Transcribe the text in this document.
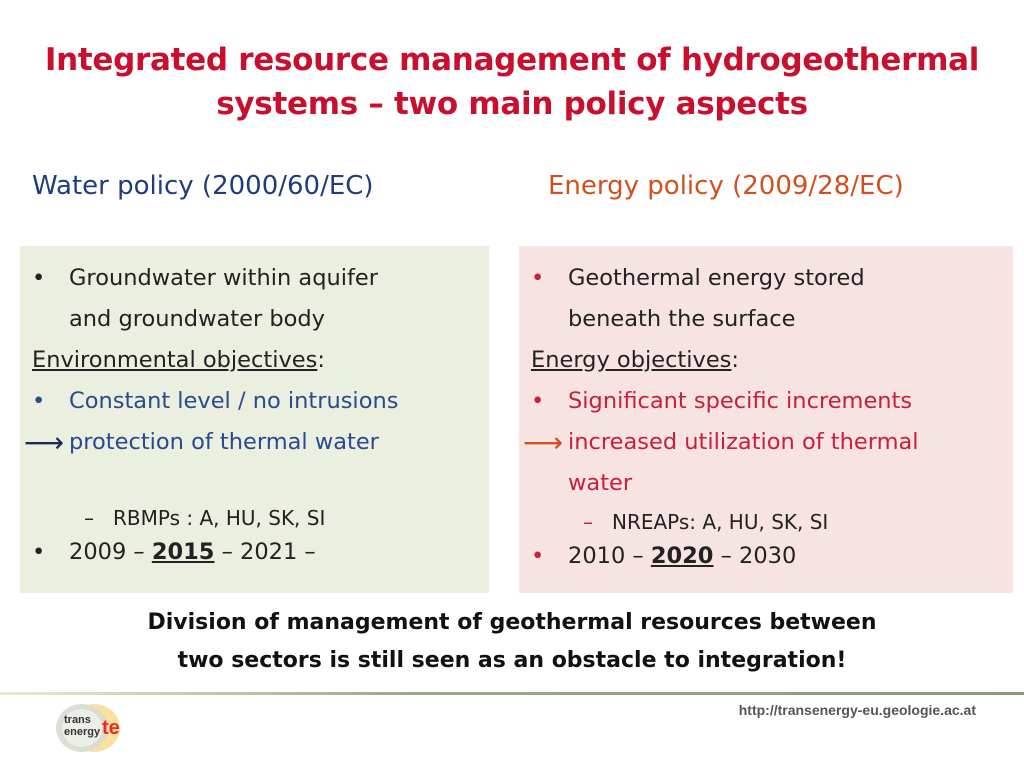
Integrated resource management of hydrogeothermal
systems – two main policy aspects
Water policy (2000/60/EC)	Energy policy (2009/28/EC)
• Groundwater within aquifer
and groundwater body
Environmental objectives:
• Constant level / no intrusions
⟶ protection of thermal water
– RBMPs : A, HU, SK, SI
• 2009 – 2015 – 2021 –
• Geothermal energy stored
beneath the surface
Energy objectives:
• Significant specific increments
⟶ increased utilization of thermal
water
– NREAPs: A, HU, SK, SI
• 2010 – 2020 – 2030
Division of management of geothermal resources between
two sectors is still seen as an obstacle to integration!
trans
energy te
http://transenergy-eu.geologie.ac.at
